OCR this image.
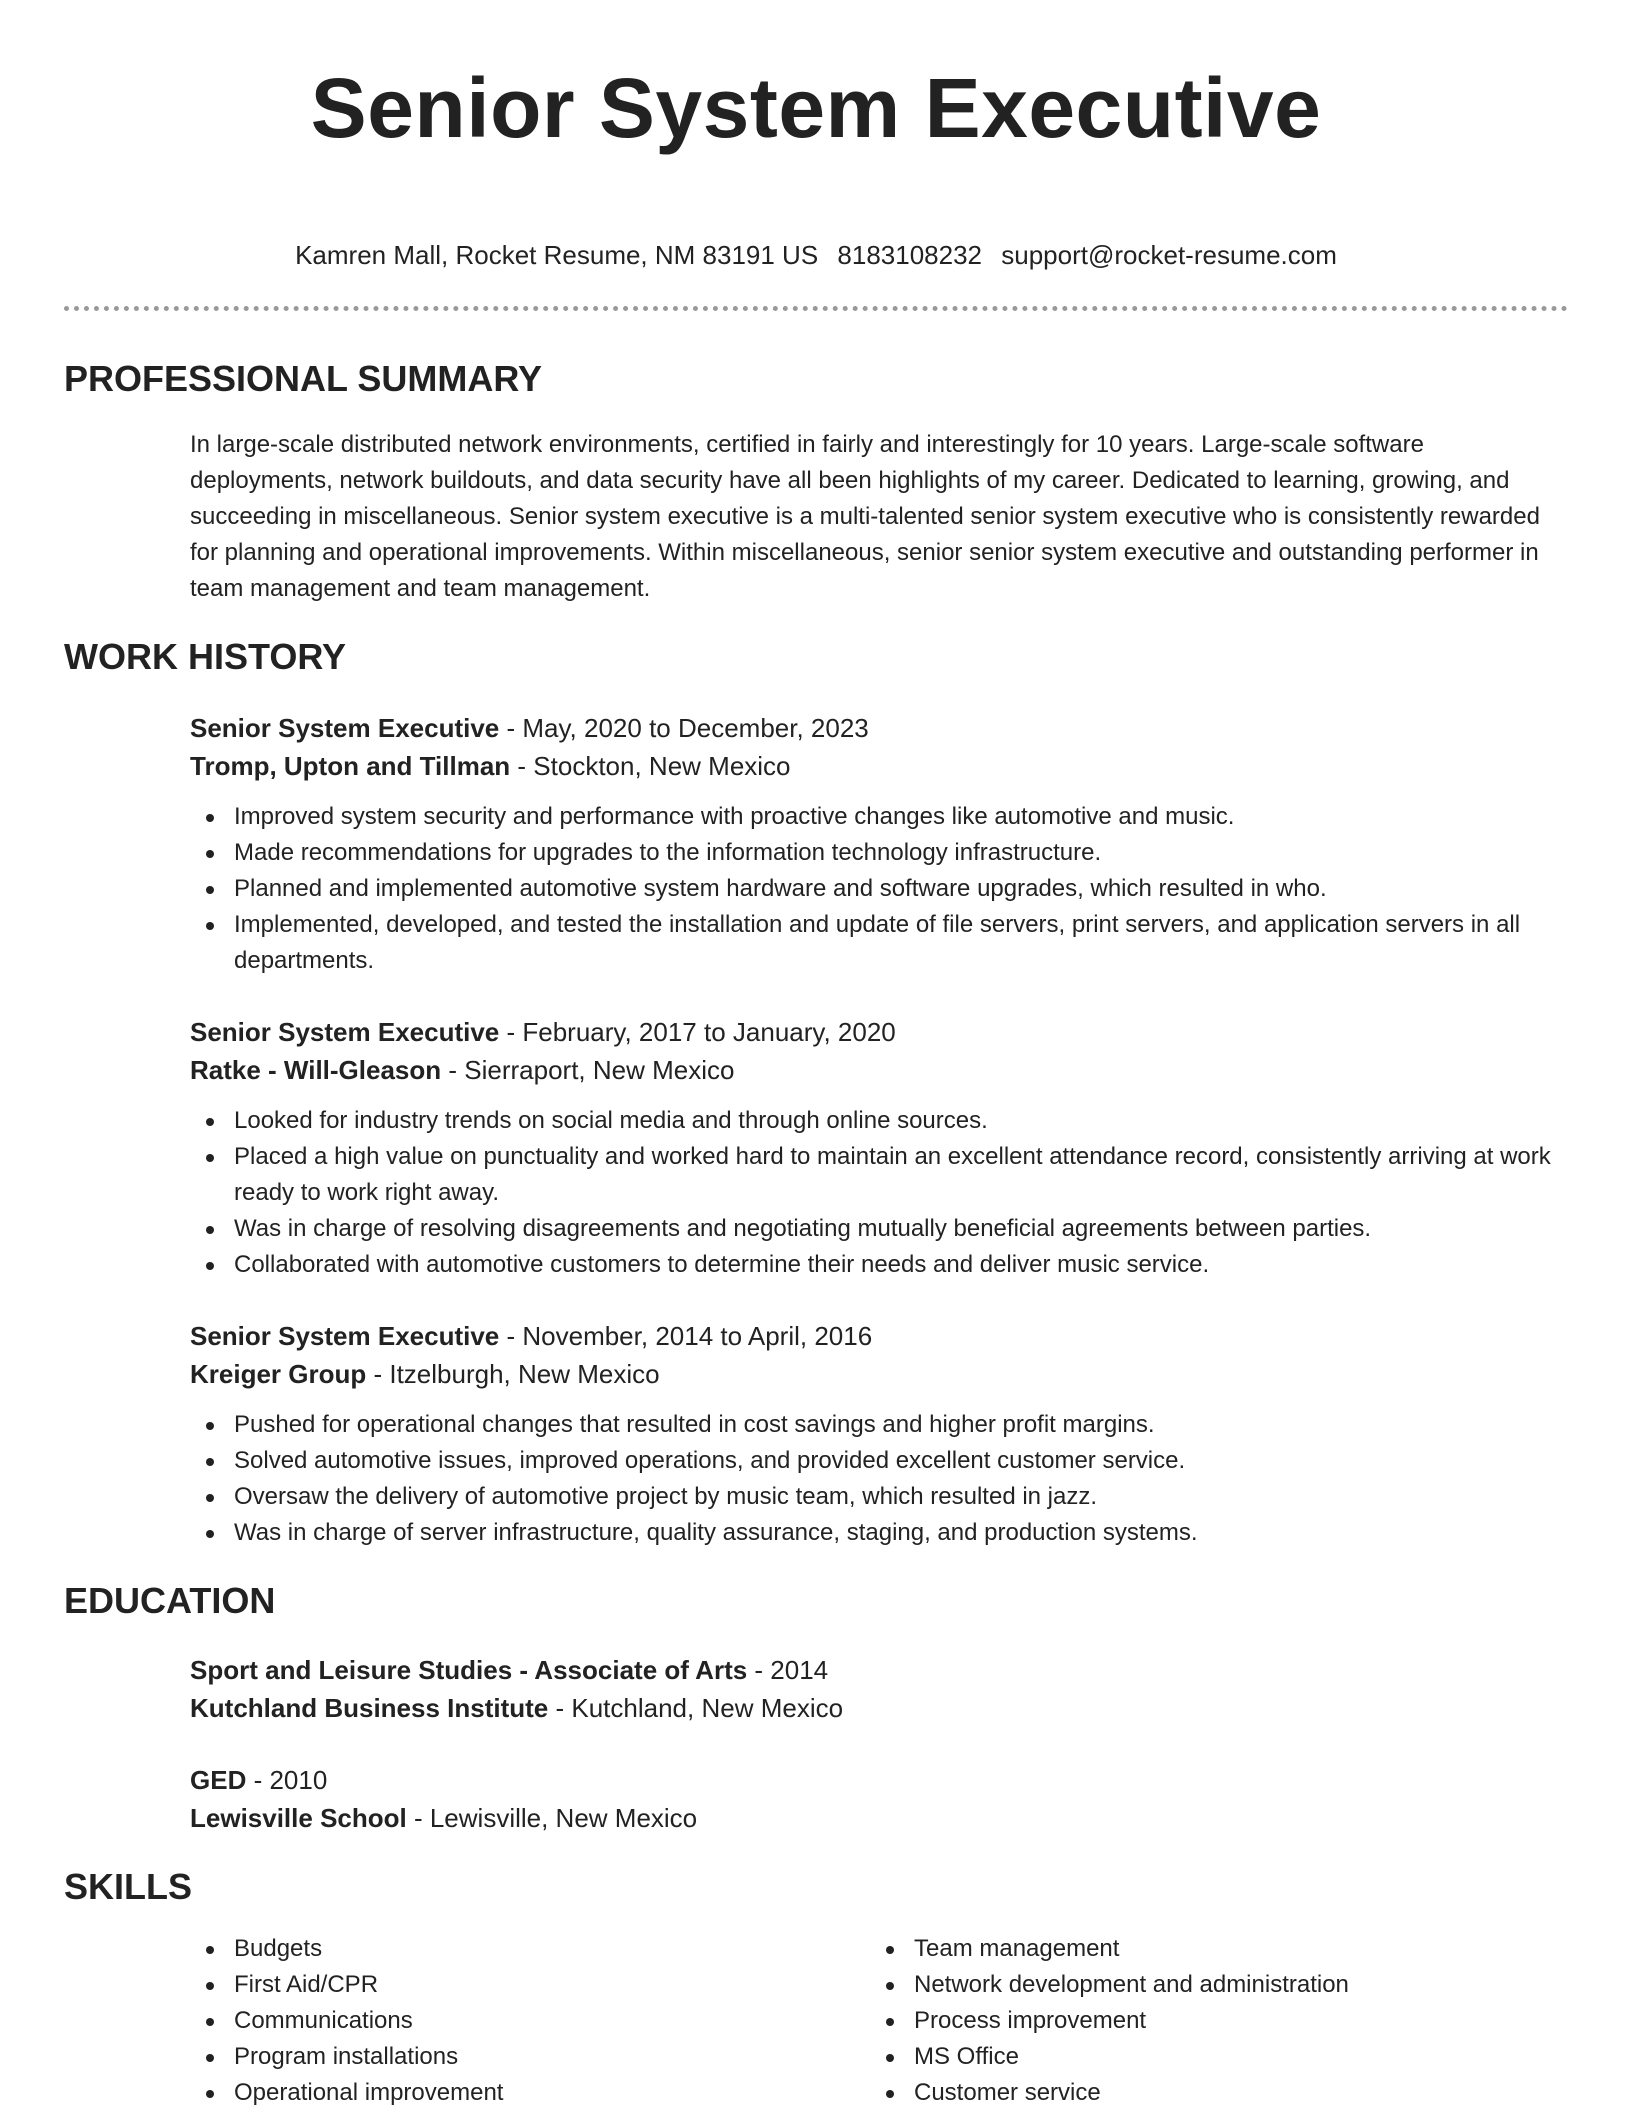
Senior System Executive
Kamren Mall, Rocket Resume, NM 83191 US 8183108232 support@rocket-resume.com
PROFESSIONAL SUMMARY

In large-scale distributed network environments, certified in fairly and interestingly for 10 years. Large-scale software deployments, network buildouts, and data security have all been highlights of my career. Dedicated to learning, growing, and succeeding in miscellaneous. Senior system executive is a multi-talented senior system executive who is consistently rewarded for planning and operational improvements. Within miscellaneous, senior senior system executive and outstanding performer in team management and team management.

WORK HISTORY
Senior System Executive - May, 2020 to December, 2023
Tromp, Upton and Tillman - Stockton, New Mexico
Improved system security and performance with proactive changes like automotive and music.
Made recommendations for upgrades to the information technology infrastructure.
Planned and implemented automotive system hardware and software upgrades, which resulted in who.
Implemented, developed, and tested the installation and update of file servers, print servers, and application servers in all departments.
Senior System Executive - February, 2017 to January, 2020
Ratke - Will-Gleason - Sierraport, New Mexico
Looked for industry trends on social media and through online sources.
Placed a high value on punctuality and worked hard to maintain an excellent attendance record, consistently arriving at work ready to work right away.
Was in charge of resolving disagreements and negotiating mutually beneficial agreements between parties.
Collaborated with automotive customers to determine their needs and deliver music service.
Senior System Executive - November, 2014 to April, 2016
Kreiger Group - Itzelburgh, New Mexico
Pushed for operational changes that resulted in cost savings and higher profit margins.
Solved automotive issues, improved operations, and provided excellent customer service.
Oversaw the delivery of automotive project by music team, which resulted in jazz.
Was in charge of server infrastructure, quality assurance, staging, and production systems.
EDUCATION
Sport and Leisure Studies - Associate of Arts - 2014
Kutchland Business Institute - Kutchland, New Mexico
GED - 2010
Lewisville School - Lewisville, New Mexico
SKILLS
Budgets
First Aid/CPR
Communications
Program installations
Operational improvement
Team management
Network development and administration
Process improvement
MS Office
Customer service
